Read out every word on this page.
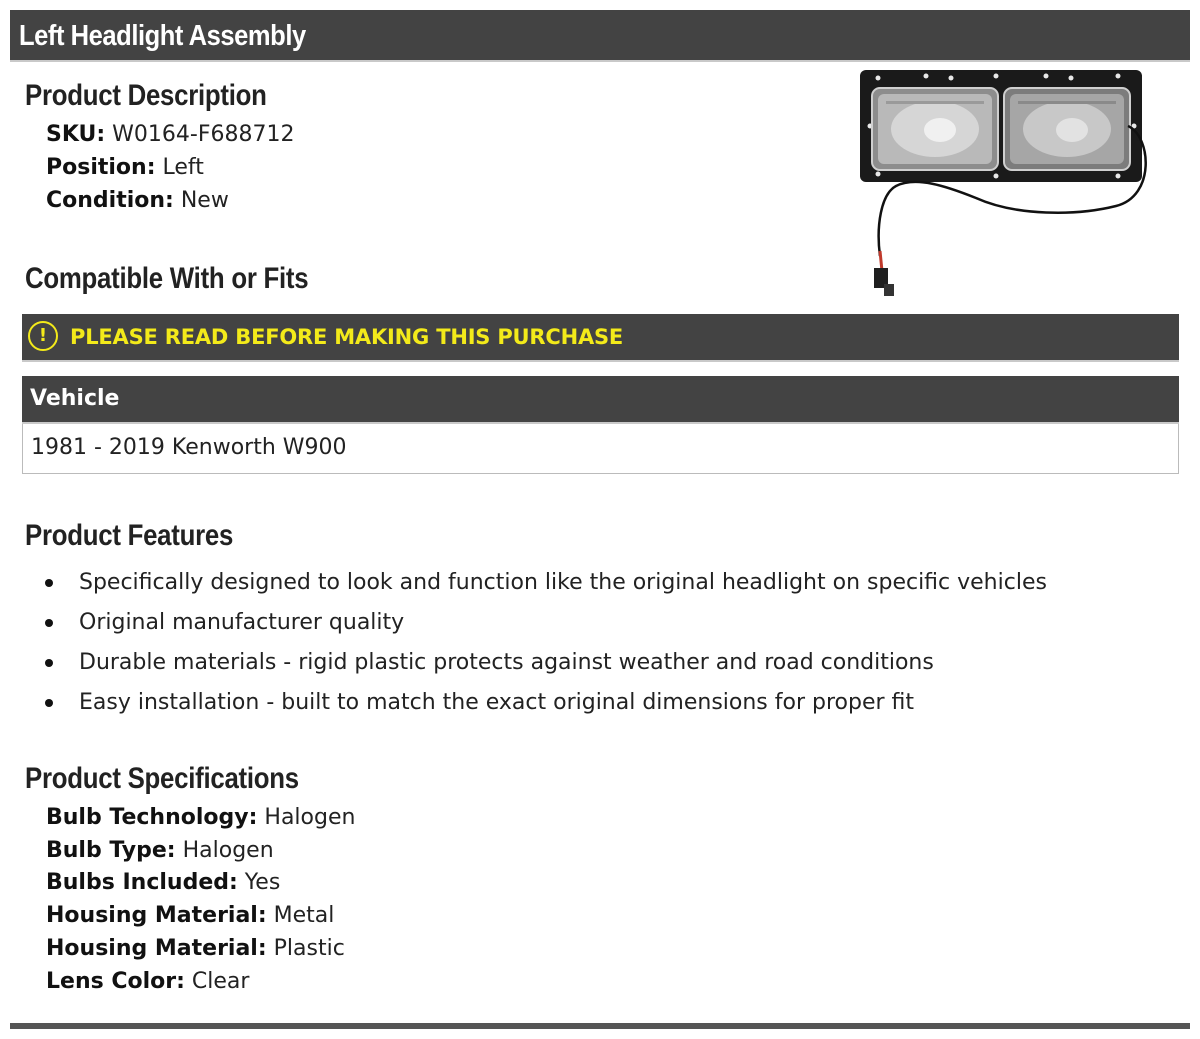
Left Headlight Assembly
Product Description
SKU: W0164-F688712
Position: Left
Condition: New
Compatible With or Fits
!	PLEASE READ BEFORE MAKING THIS PURCHASE
Vehicle
1981 - 2019 Kenworth W900
Product Features
Specifically designed to look and function like the original headlight on specific vehicles
Original manufacturer quality
Durable materials - rigid plastic protects against weather and road conditions
Easy installation - built to match the exact original dimensions for proper fit
Product Specifications
Bulb Technology: Halogen
Bulb Type: Halogen
Bulbs Included: Yes
Housing Material: Metal
Housing Material: Plastic
Lens Color: Clear
